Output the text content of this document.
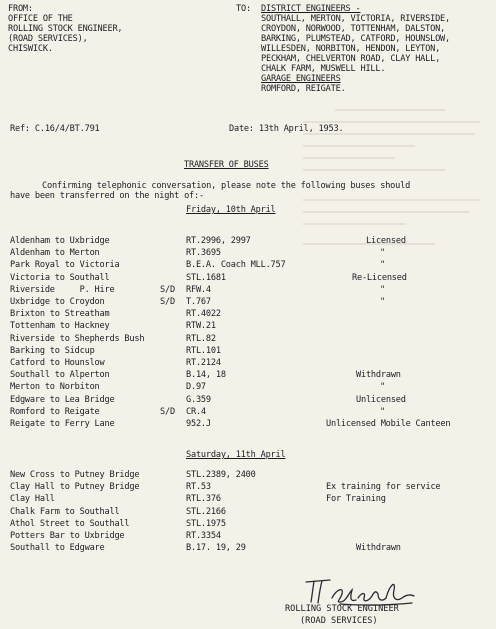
FROM:
OFFICE OF THE
ROLLING STOCK ENGINEER,
(ROAD SERVICES),
CHISWICK.
TO: DISTRICT ENGINEERS -
SOUTHALL, MERTON, VICTORIA, RIVERSIDE,
CROYDON, NORWOOD, TOTTENHAM, DALSTON,
BARKING, PLUMSTEAD, CATFORD, HOUNSLOW,
WILLESDEN, NORBITON, HENDON, LEYTON,
PECKHAM, CHELVERTON ROAD, CLAY HALL,
CHALK FARM, MUSWELL HILL.
GARAGE ENGINEERS
ROMFORD, REIGATE.
Ref: C.16/4/BT.791	Date: 13th April, 1953.
TRANSFER OF BUSES
Confirming telephonic conversation, please note the following buses should
have been transferred on the night of:-
Friday, 10th April
Aldenham to Uxbridge	RT.2996, 2997	Licensed
Aldenham to Merton	RT.3695	"
Park Royal to Victoria	B.E.A. Coach MLL.757	"
Victoria to Southall	STL.1681	Re-Licensed
Riverside     P. Hire	S/D RFW.4	"
Uxbridge to Croydon	S/D T.767	"
Brixton to Streatham	RT.4022
Tottenham to Hackney	RTW.21
Riverside to Shepherds Bush	RTL.82
Barking to Sidcup	RTL.101
Catford to Hounslow	RT.2124
Southall to Alperton	B.14, 18	Withdrawn
Merton to Norbiton	D.97	"
Edgware to Lea Bridge	G.359	Unlicensed
Romford to Reigate	S/D CR.4	"
Reigate to Ferry Lane	952.J	Unlicensed Mobile Canteen
Saturday, 11th April
New Cross to Putney Bridge	STL.2389, 2400
Clay Hall to Putney Bridge	RT.53	Ex training for service
Clay Hall	RTL.376	For Training
Chalk Farm to Southall	STL.2166
Athol Street to Southall	STL.1975
Potters Bar to Uxbridge	RT.3354
Southall to Edgware	B.17. 19, 29	Withdrawn
ROLLING STOCK ENGINEER
(ROAD SERVICES)
